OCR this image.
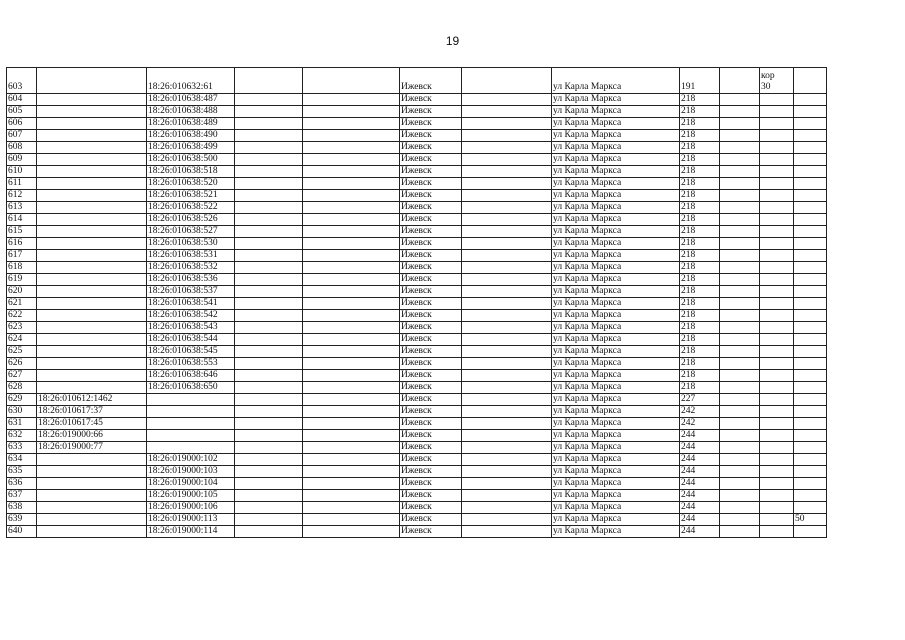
19
603		18:26:010632:61			Ижевск		ул Карла Маркса	191		кор
30	

604		18:26:010638:487			Ижевск		ул Карла Маркса	218			
605		18:26:010638:488			Ижевск		ул Карла Маркса	218			
606		18:26:010638:489			Ижевск		ул Карла Маркса	218			
607		18:26:010638:490			Ижевск		ул Карла Маркса	218			
608		18:26:010638:499			Ижевск		ул Карла Маркса	218			
609		18:26:010638:500			Ижевск		ул Карла Маркса	218			
610		18:26:010638:518			Ижевск		ул Карла Маркса	218			
611		18:26:010638:520			Ижевск		ул Карла Маркса	218			
612		18:26:010638:521			Ижевск		ул Карла Маркса	218			
613		18:26:010638:522			Ижевск		ул Карла Маркса	218			
614		18:26:010638:526			Ижевск		ул Карла Маркса	218			
615		18:26:010638:527			Ижевск		ул Карла Маркса	218			
616		18:26:010638:530			Ижевск		ул Карла Маркса	218			
617		18:26:010638:531			Ижевск		ул Карла Маркса	218			
618		18:26:010638:532			Ижевск		ул Карла Маркса	218			
619		18:26:010638:536			Ижевск		ул Карла Маркса	218			
620		18:26:010638:537			Ижевск		ул Карла Маркса	218			
621		18:26:010638:541			Ижевск		ул Карла Маркса	218			
622		18:26:010638:542			Ижевск		ул Карла Маркса	218			
623		18:26:010638:543			Ижевск		ул Карла Маркса	218			
624		18:26:010638:544			Ижевск		ул Карла Маркса	218			
625		18:26:010638:545			Ижевск		ул Карла Маркса	218			
626		18:26:010638:553			Ижевск		ул Карла Маркса	218			
627		18:26:010638:646			Ижевск		ул Карла Маркса	218			
628		18:26:010638:650			Ижевск		ул Карла Маркса	218			
629	18:26:010612:1462				Ижевск		ул Карла Маркса	227			
630	18:26:010617:37				Ижевск		ул Карла Маркса	242			
631	18:26:010617:45				Ижевск		ул Карла Маркса	242			
632	18:26:019000:66				Ижевск		ул Карла Маркса	244			
633	18:26:019000:77				Ижевск		ул Карла Маркса	244			
634		18:26:019000:102			Ижевск		ул Карла Маркса	244			
635		18:26:019000:103			Ижевск		ул Карла Маркса	244			
636		18:26:019000:104			Ижевск		ул Карла Маркса	244			
637		18:26:019000:105			Ижевск		ул Карла Маркса	244			
638		18:26:019000:106			Ижевск		ул Карла Маркса	244			
639		18:26:019000:113			Ижевск		ул Карла Маркса	244			50
640		18:26:019000:114			Ижевск		ул Карла Маркса	244			
